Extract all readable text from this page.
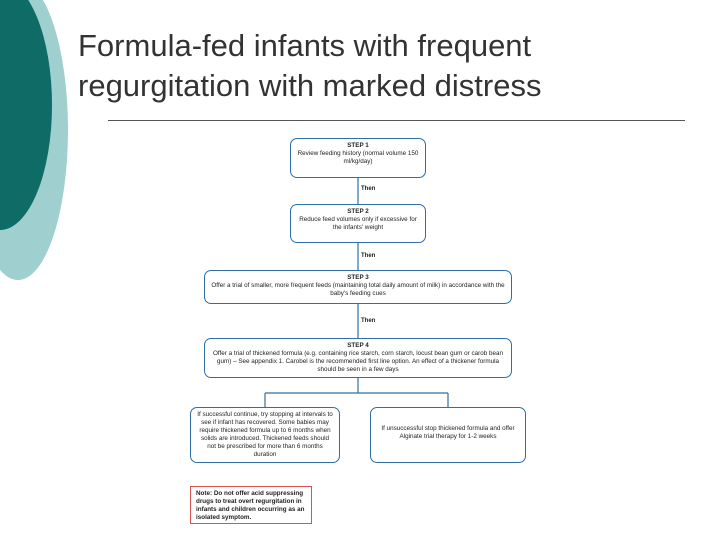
Formula-fed infants with frequent
regurgitation with marked distress
STEP 1
Review feeding history (normal volume 150 ml/kg/day)
Then
STEP 2
Reduce feed volumes only if excessive for the infants' weight
Then
STEP 3
Offer a trial of smaller, more frequent feeds (maintaining total daily amount of milk) in accordance with the baby's feeding cues
Then
STEP 4
Offer a trial of thickened formula (e.g. containing rice starch, corn starch, locust bean gum or carob bean gum) – See appendix 1. Carobel is the recommended first line option. An effect of a thickener formula should be seen in a few days
If successful continue, try stopping at intervals to see if infant has recovered. Some babies may require thickened formula up to 6 months when solids are introduced. Thickened feeds should not be prescribed for more than 6 months duration
If unsuccessful stop thickened formula and offer Alginate trial therapy for 1-2 weeks
Note: Do not offer acid suppressing drugs to treat overt regurgitation in infants and children occurring as an isolated symptom.
